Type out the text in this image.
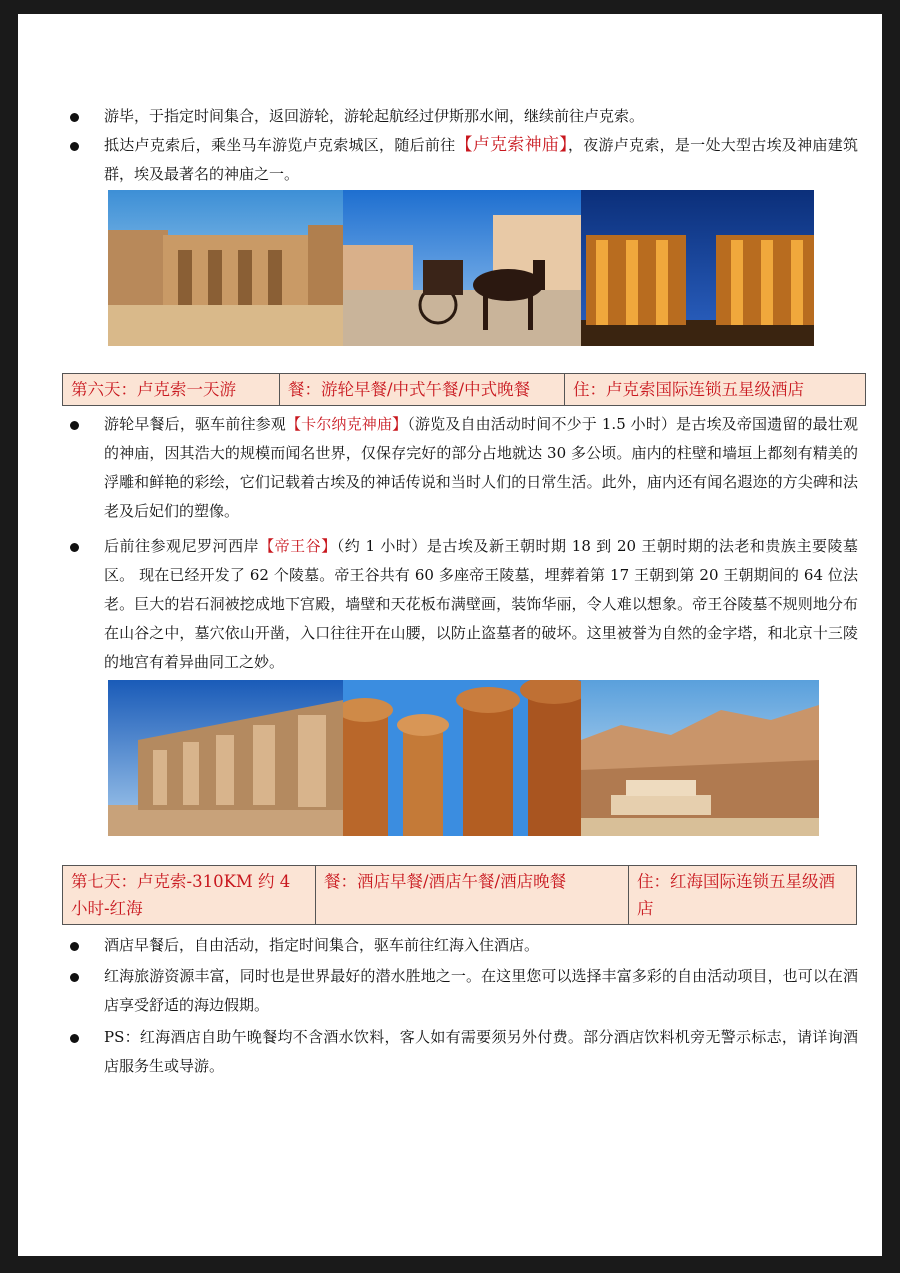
游毕，于指定时间集合，返回游轮，游轮起航经过伊斯那水闸，继续前往卢克索。
抵达卢克索后，乘坐马车游览卢克索城区，随后前往【卢克索神庙】，夜游卢克索，是一处大型古埃及神庙建筑群，埃及最著名的神庙之一。
第六天：卢克索一天游	餐：游轮早餐/中式午餐/中式晚餐	住：卢克索国际连锁五星级酒店
游轮早餐后，驱车前往参观【卡尔纳克神庙】（游览及自由活动时间不少于 1.5 小时）是古埃及帝国遗留的最壮观的神庙，因其浩大的规模而闻名世界，仅保存完好的部分占地就达 30 多公顷。庙内的柱壁和墙垣上都刻有精美的浮雕和鲜艳的彩绘，它们记载着古埃及的神话传说和当时人们的日常生活。此外，庙内还有闻名遐迩的方尖碑和法老及后妃们的塑像。
后前往参观尼罗河西岸【帝王谷】（约 1 小时）是古埃及新王朝时期 18 到 20 王朝时期的法老和贵族主要陵墓区。 现在已经开发了 62 个陵墓。帝王谷共有 60 多座帝王陵墓，埋葬着第 17 王朝到第 20 王朝期间的 64 位法老。巨大的岩石洞被挖成地下宫殿，墙壁和天花板布满壁画，装饰华丽，令人难以想象。帝王谷陵墓不规则地分布在山谷之中，墓穴依山开凿，入口往往开在山腰，以防止盗墓者的破坏。这里被誉为自然的金字塔，和北京十三陵的地宫有着异曲同工之妙。
第七天：卢克索-310KM 约 4 小时-红海	餐：酒店早餐/酒店午餐/酒店晚餐	住：红海国际连锁五星级酒店
酒店早餐后，自由活动，指定时间集合，驱车前往红海入住酒店。
红海旅游资源丰富，同时也是世界最好的潜水胜地之一。在这里您可以选择丰富多彩的自由活动项目，也可以在酒店享受舒适的海边假期。
PS：红海酒店自助午晚餐均不含酒水饮料，客人如有需要须另外付费。部分酒店饮料机旁无警示标志，请详询酒店服务生或导游。
